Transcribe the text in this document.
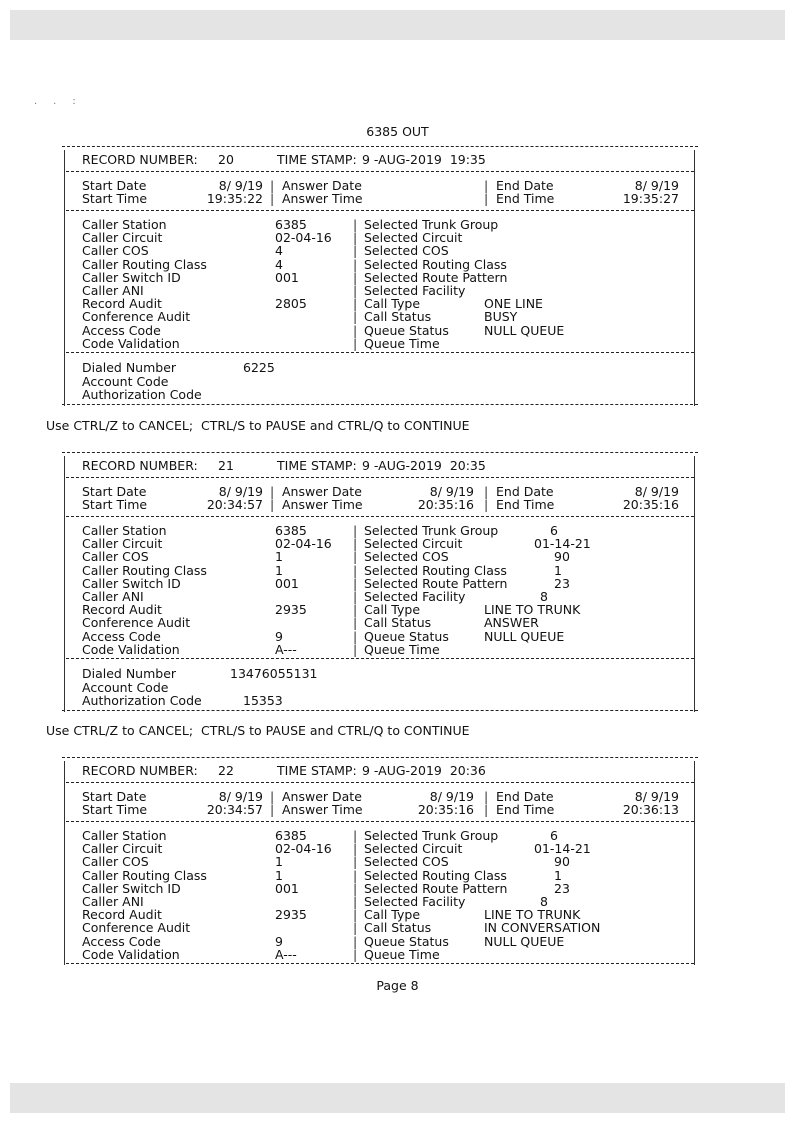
..:
6385 OUT
RECORD NUMBER: 20	TIME STAMP: 9 -AUG-2019  19:35
Start Date	8/ 9/19 | Answer Date	| End Date	8/ 9/19
Start Time	19:35:22 | Answer Time	| End Time	19:35:27
Caller Station	6385	| Selected Trunk Group
Caller Circuit	02-04-16 | Selected Circuit
Caller COS	4	| Selected COS
Caller Routing Class	4	| Selected Routing Class
Caller Switch ID	001	| Selected Route Pattern
Caller ANI	| Selected Facility
Record Audit	2805	| Call Type	ONE LINE
Conference Audit	| Call Status	BUSY
Access Code	| Queue Status	NULL QUEUE
Code Validation	| Queue Time
Dialed Number	6225
Account Code
Authorization Code
RECORD NUMBER: 21	TIME STAMP: 9 -AUG-2019  20:35
Start Date	8/ 9/19 | Answer Date	8/ 9/19 | End Date	8/ 9/19
Start Time	20:34:57 | Answer Time	20:35:16 | End Time	20:35:16
Caller Station	6385	| Selected Trunk Group	6
Caller Circuit	02-04-16 | Selected Circuit	01-14-21
Caller COS	1	| Selected COS	90
Caller Routing Class	1	| Selected Routing Class	1
Caller Switch ID	001	| Selected Route Pattern	23
Caller ANI	| Selected Facility	8
Record Audit	2935	| Call Type	LINE TO TRUNK
Conference Audit	| Call Status	ANSWER
Access Code	9	| Queue Status	NULL QUEUE
Code Validation	A---	| Queue Time
Dialed Number	13476055131
Account Code
Authorization Code	15353
RECORD NUMBER: 22	TIME STAMP: 9 -AUG-2019  20:36
Start Date	8/ 9/19 | Answer Date	8/ 9/19 | End Date	8/ 9/19
Start Time	20:34:57 | Answer Time	20:35:16 | End Time	20:36:13
Caller Station	6385	| Selected Trunk Group	6
Caller Circuit	02-04-16 | Selected Circuit	01-14-21
Caller COS	1	| Selected COS	90
Caller Routing Class	1	| Selected Routing Class	1
Caller Switch ID	001	| Selected Route Pattern	23
Caller ANI	| Selected Facility	8
Record Audit	2935	| Call Type	LINE TO TRUNK
Conference Audit	| Call Status	IN CONVERSATION
Access Code	9	| Queue Status	NULL QUEUE
Code Validation	A---	| Queue Time
Use CTRL/Z to CANCEL;  CTRL/S to PAUSE and CTRL/Q to CONTINUE
Use CTRL/Z to CANCEL;  CTRL/S to PAUSE and CTRL/Q to CONTINUE
Page 8
